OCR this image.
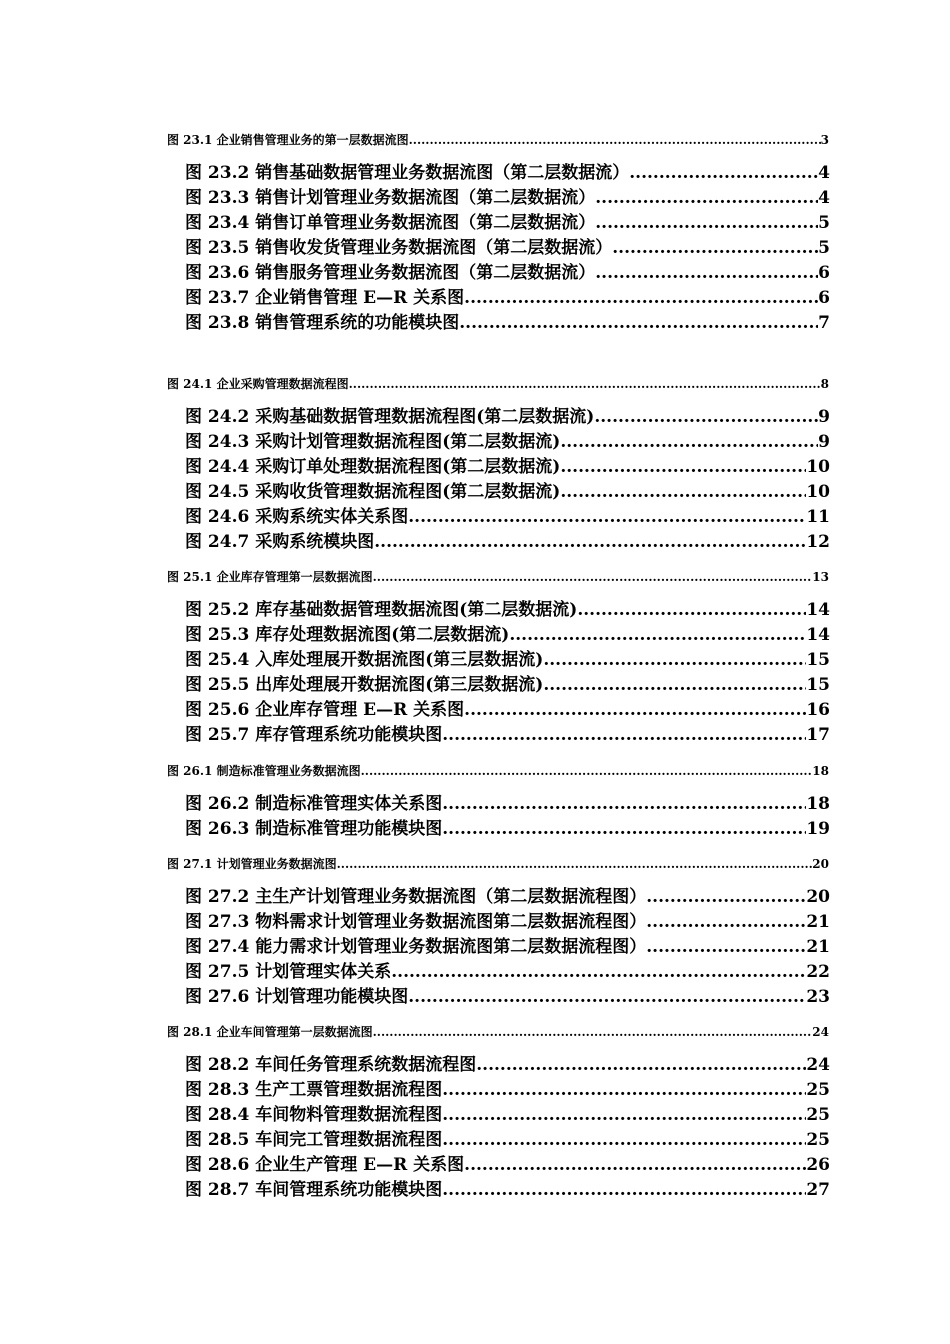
图 23.1 企业销售管理业务的第一层数据流图 .....	3
图 23.2 销售基础数据管理业务数据流图（第二层数据流） .....	4
图 23.3 销售计划管理业务数据流图（第二层数据流） .....	4
图 23.4 销售订单管理业务数据流图（第二层数据流） .....	5
图 23.5 销售收发货管理业务数据流图（第二层数据流） .....	5
图 23.6 销售服务管理业务数据流图（第二层数据流） .....	6
图 23.7 企业销售管理 E—R 关系图 .....	6
图 23.8 销售管理系统的功能模块图 .....	7
图 24.1 企业采购管理数据流程图 .....	8
图 24.2 采购基础数据管理数据流程图(第二层数据流) .....	9
图 24.3 采购计划管理数据流程图(第二层数据流) .....	9
图 24.4 采购订单处理数据流程图(第二层数据流) .....	10
图 24.5 采购收货管理数据流程图(第二层数据流) .....	10
图 24.6 采购系统实体关系图 .....	11
图 24.7 采购系统模块图 .....	12
图 25.1 企业库存管理第一层数据流图 .....	13
图 25.2 库存基础数据管理数据流图(第二层数据流) .....	14
图 25.3 库存处理数据流图(第二层数据流) .....	14
图 25.4 入库处理展开数据流图(第三层数据流) .....	15
图 25.5 出库处理展开数据流图(第三层数据流) .....	15
图 25.6 企业库存管理 E—R 关系图 .....	16
图 25.7 库存管理系统功能模块图 .....	17
图 26.1 制造标准管理业务数据流图 .....	18
图 26.2 制造标准管理实体关系图 .....	18
图 26.3 制造标准管理功能模块图 .....	19
图 27.1 计划管理业务数据流图 .....	20
图 27.2 主生产计划管理业务数据流图（第二层数据流程图） .....	20
图 27.3 物料需求计划管理业务数据流图第二层数据流程图） .....	21
图 27.4 能力需求计划管理业务数据流图第二层数据流程图） .....	21
图 27.5 计划管理实体关系 .....	22
图 27.6 计划管理功能模块图 .....	23
图 28.1 企业车间管理第一层数据流图 .....	24
图 28.2 车间任务管理系统数据流程图 .....	24
图 28.3 生产工票管理数据流程图 .....	25
图 28.4 车间物料管理数据流程图 .....	25
图 28.5 车间完工管理数据流程图 .....	25
图 28.6 企业生产管理 E—R 关系图 .....	26
图 28.7 车间管理系统功能模块图 .....	27
